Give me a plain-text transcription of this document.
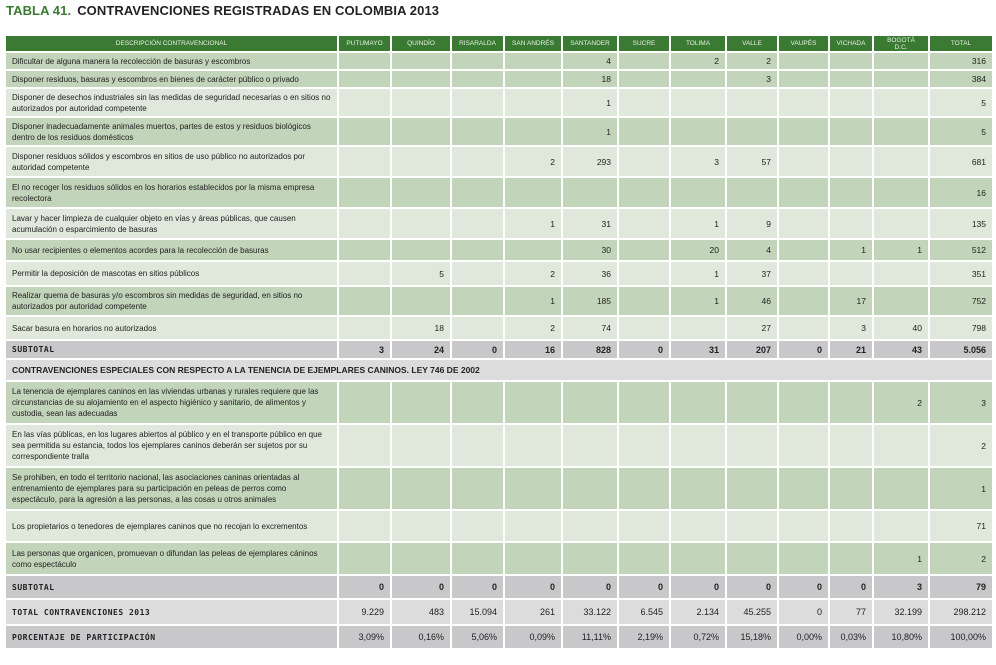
TABLA 41. CONTRAVENCIONES REGISTRADAS EN COLOMBIA 2013
DESCRIPCIÓN CONTRAVENCIONAL	PUTUMAYO	QUINDÍO	RISARALDA	SAN ANDRÉS	SANTANDER	SUCRE	TOLIMA	VALLE	VAUPÉS	VICHADA	BOGOTÁ D.C.	TOTAL
Dificultar de alguna manera la recolección de basuras y escombros					4		2	2				316
Disponer residuos, basuras y escombros en bienes de carácter público o privado					18			3				384
Disponer de desechos industriales sin las medidas de seguridad necesarias o en sitios no autorizados por autoridad competente					1							5
Disponer inadecuadamente animales muertos, partes de estos y residuos biológicos dentro de los residuos domésticos					1							5
Disponer residuos sólidos y escombros en sitios de uso público no autorizados por autoridad competente				2	293		3	57				681
El no recoger los residuos sólidos en los horarios establecidos por la misma empresa recolectora												16
Lavar y hacer limpieza de cualquier objeto en vías y áreas públicas, que causen acumulación o esparcimiento de basuras				1	31		1	9				135
No usar recipientes o elementos acordes para la recolección de basuras					30		20	4		1	1	512
Permitir la deposición de mascotas en sitios públicos		5		2	36		1	37				351
Realizar quema de basuras y/o escombros sin medidas de seguridad, en sitios no autorizados por autoridad competente				1	185		1	46		17		752
Sacar basura en horarios no autorizados		18		2	74			27		3	40	798
SUBTOTAL	3	24	0	16	828	0	31	207	0	21	43	5.056
CONTRAVENCIONES ESPECIALES CON RESPECTO A LA TENENCIA DE EJEMPLARES CANINOS. LEY 746 DE 2002												
La tenencia de ejemplares caninos en las viviendas urbanas y rurales requiere que las circunstancias de su alojamiento en el aspecto higiénico y sanitario, de alimentos y custodia, sean las adecuadas											2	3
En las vías públicas, en los lugares abiertos al público y en el transporte público en que sea permitida su estancia, todos los ejemplares caninos deberán ser sujetos por su correspondiente tralla												2
Se prohiben, en todo el territorio nacional, las asociaciones caninas orientadas al entrenamiento de ejemplares para su participación en peleas de perros como espectáculo, para la agresión a las personas, a las cosas u otros animales												1
Los propietarios o tenedores de ejemplares caninos que no recojan lo excrementos												71
Las personas que organicen, promuevan o difundan las peleas de ejemplares cáninos como espectáculo											1	2
SUBTOTAL	0	0	0	0	0	0	0	0	0	0	3	79
TOTAL CONTRAVENCIONES 2013	9.229	483	15.094	261	33.122	6.545	2.134	45.255	0	77	32.199	298.212
PORCENTAJE DE PARTICIPACIÓN	3,09%	0,16%	5,06%	0,09%	11,11%	2,19%	0,72%	15,18%	0,00%	0,03%	10,80%	100,00%
